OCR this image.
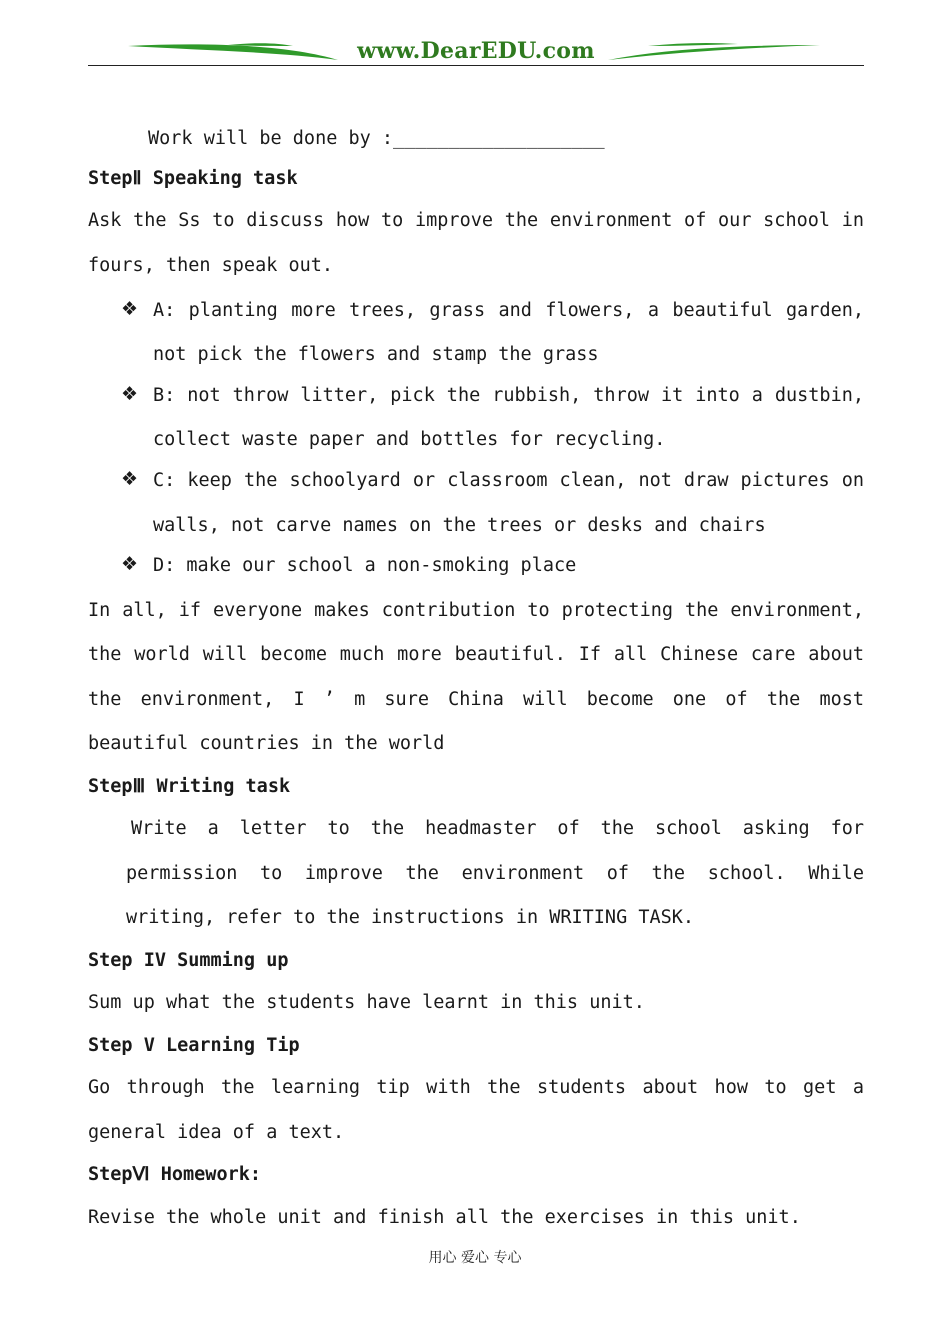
www.DearEDU.com

Work will be done by :___________________

StepⅡ Speaking task

Ask the Ss to discuss how to improve the environment of our school in fours, then speak out.

❖ A: planting more trees, grass and flowers, a beautiful garden, not pick the flowers and stamp the grass

❖ B: not throw litter, pick the rubbish, throw it into a dustbin, collect waste paper and bottles for recycling.

❖ C: keep the schoolyard or classroom clean, not draw pictures on walls, not carve names on the trees or desks and chairs

❖ D: make our school a non-smoking place

In all, if everyone makes contribution to protecting the environment, the world will become much more beautiful. If all Chinese care about the environment, I ’ m sure China will become one of the most beautiful countries in the world

StepⅢ Writing task

Write a letter to the headmaster of the school asking for permission to improve the environment of the school. While writing, refer to the instructions in WRITING TASK.

Step IV Summing up

Sum up what the students have learnt in this unit.

Step V Learning Tip

Go through the learning tip with the students about how to get a general idea of a text.

StepⅥ Homework:

Revise the whole unit and finish all the exercises in this unit.

用心 爱心 专心
